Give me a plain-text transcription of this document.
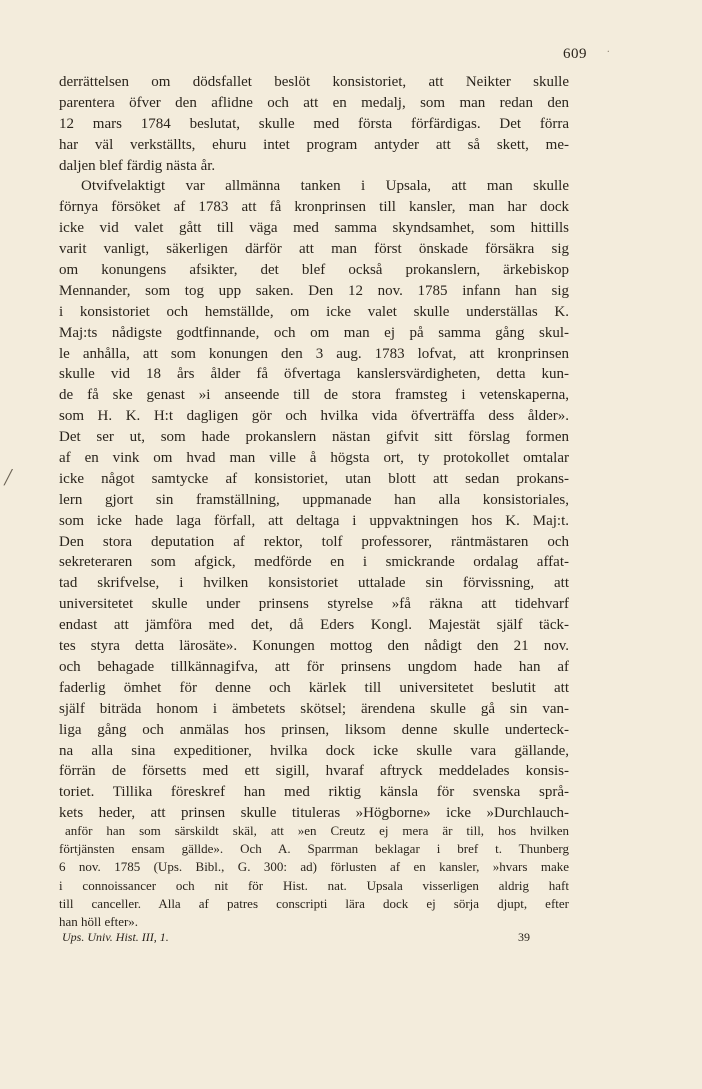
609 ․
╱
derrättelsen om dödsfallet beslöt konsistoriet, att Neikter skulle
parentera öfver den aflidne och att en medalj, som man redan den
12 mars 1784 beslutat, skulle med första förfärdigas. Det förra
har väl verkställts, ehuru intet program antyder att så skett, me-
daljen blef färdig nästa år.
Otvifvelaktigt var allmänna tanken i Upsala, att man skulle
förnya försöket af 1783 att få kronprinsen till kansler, man har dock
icke vid valet gått till väga med samma skyndsamhet, som hittills
varit vanligt, säkerligen därför att man först önskade försäkra sig
om konungens afsikter, det blef också prokanslern, ärkebiskop
Mennander, som tog upp saken. Den 12 nov. 1785 infann han sig
i konsistoriet och hemställde, om icke valet skulle underställas K.
Maj:ts nådigste godtfinnande, och om man ej på samma gång skul-
le anhålla, att som konungen den 3 aug. 1783 lofvat, att kronprinsen
skulle vid 18 års ålder få öfvertaga kanslersvärdigheten, detta kun-
de få ske genast »i anseende till de stora framsteg i vetenskaperna,
som H. K. H:t dagligen gör och hvilka vida öfverträffa dess ålder».
Det ser ut, som hade prokanslern nästan gifvit sitt förslag formen
af en vink om hvad man ville å högsta ort, ty protokollet omtalar
icke något samtycke af konsistoriet, utan blott att sedan prokans-
lern gjort sin framställning, uppmanade han alla konsistoriales,
som icke hade laga förfall, att deltaga i uppvaktningen hos K. Maj:t.
Den stora deputation af rektor, tolf professorer, räntmästaren och
sekreteraren som afgick, medförde en i smickrande ordalag affat-
tad skrifvelse, i hvilken konsistoriet uttalade sin förvissning, att
universitetet skulle under prinsens styrelse »få räkna att tidehvarf
endast att jämföra med det, då Eders Kongl. Majestät själf täck-
tes styra detta lärosäte». Konungen mottog den nådigt den 21 nov.
och behagade tillkännagifva, att för prinsens ungdom hade han af
faderlig ömhet för denne och kärlek till universitetet beslutit att
själf biträda honom i ämbetets skötsel; ärendena skulle gå sin van-
liga gång och anmälas hos prinsen, liksom denne skulle underteck-
na alla sina expeditioner, hvilka dock icke skulle vara gällande,
förrän de försetts med ett sigill, hvaraf aftryck meddelades konsis-
toriet. Tillika föreskref han med riktig känsla för svenska språ-
kets heder, att prinsen skulle tituleras »Högborne» icke »Durchlauch-
anför han som särskildt skäl, att »en Creutz ej mera är till, hos hvilken
förtjänsten ensam gällde». Och A. Sparrman beklagar i bref t. Thunberg
6 nov. 1785 (Ups. Bibl., G. 300: ad) förlusten af en kansler, »hvars make
i connoissancer och nit för Hist. nat. Upsala visserligen aldrig haft
till canceller. Alla af patres conscripti lära dock ej sörja djupt, efter
han höll efter».
Ups. Univ. Hist. III, 1.	39
